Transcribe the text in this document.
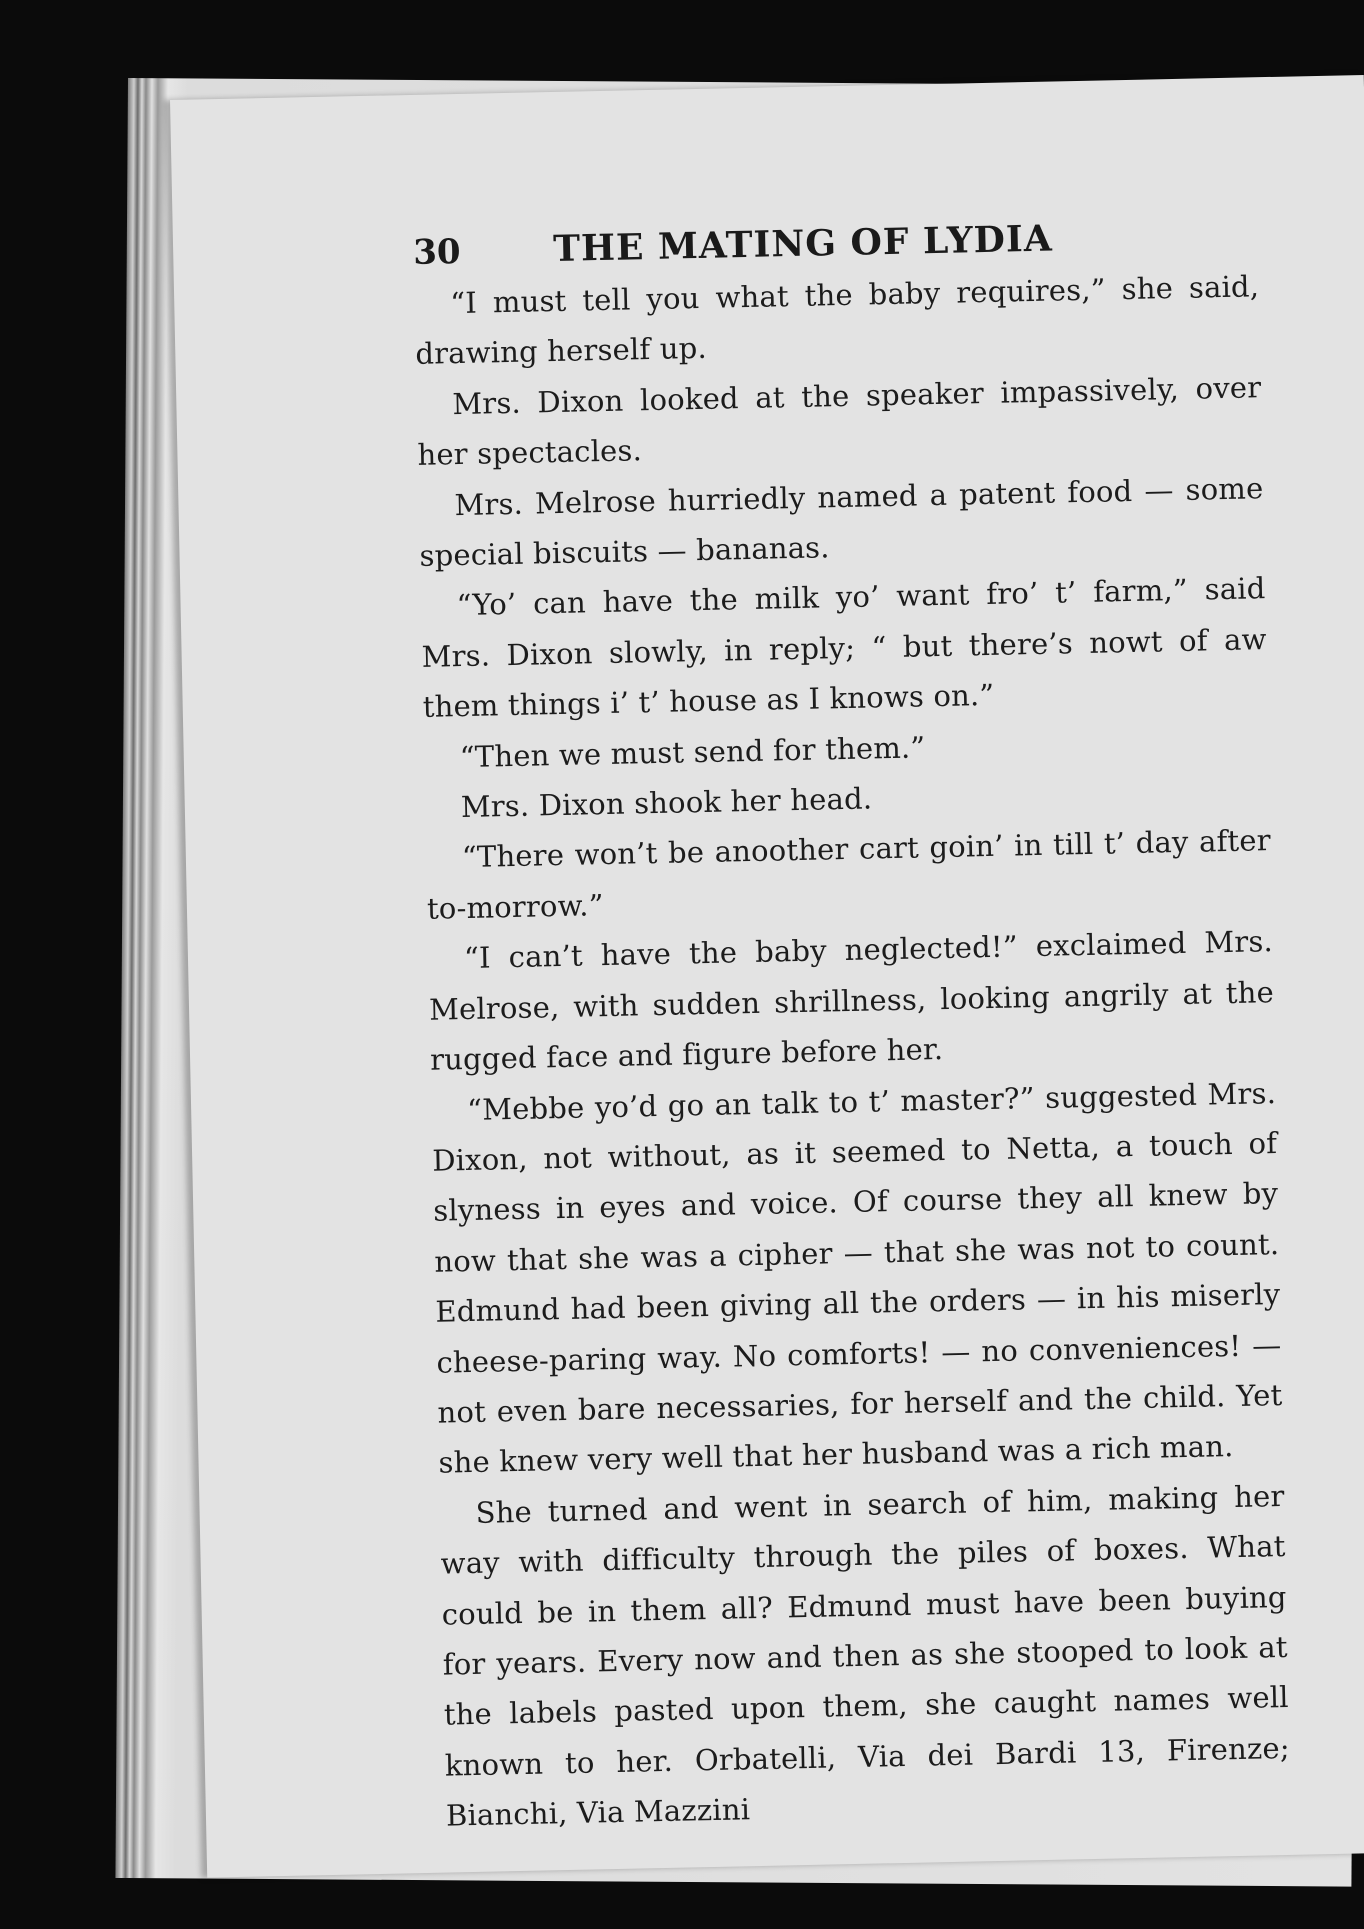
30	THE MATING OF LYDIA

“I must tell you what the baby requires,” she said, drawing herself up.

Mrs. Dixon looked at the speaker impassively, over her spectacles.

Mrs. Melrose hurriedly named a patent food — some special biscuits — bananas.

“Yo’ can have the milk yo’ want fro’ t’ farm,” said Mrs. Dixon slowly, in reply; “ but there’s nowt of aw them things i’ t’ house as I knows on.”

“Then we must send for them.”

Mrs. Dixon shook her head.

“There won’t be anoother cart goin’ in till t’ day after to-morrow.”

“I can’t have the baby neglected!” exclaimed Mrs. Melrose, with sudden shrillness, looking angrily at the rugged face and figure before her.

“Mebbe yo’d go an talk to t’ master?” suggested Mrs. Dixon, not without, as it seemed to Netta, a touch of slyness in eyes and voice. Of course they all knew by now that she was a cipher — that she was not to count. Edmund had been giving all the orders — in his miserly cheese-paring way. No comforts! — no conveniences! — not even bare necessaries, for herself and the child. Yet she knew very well that her husband was a rich man.

She turned and went in search of him, making her way with difficulty through the piles of boxes. What could be in them all? Edmund must have been buying for years. Every now and then as she stooped to look at the labels pasted upon them, she caught names well known to her. Orbatelli, Via dei Bardi 13, Firenze; Bianchi, Via Mazzini
